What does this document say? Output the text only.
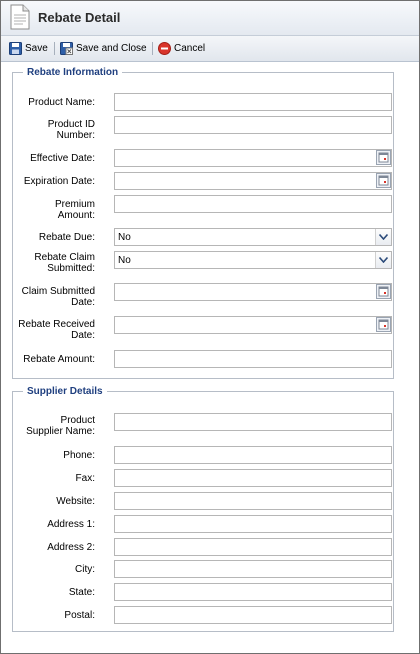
Rebate Detail
Save	Save and Close	Cancel
Rebate Information
Product Name:
Product ID
Number:
Effective Date:
Expiration Date:
Premium
Amount:
Rebate Due: No
Rebate Claim
Submitted:
No
Claim Submitted
Date:
Rebate Received
Date:
Rebate Amount:
Supplier Details
Product
Supplier Name:
Phone:
Fax:
Website:
Address 1:
Address 2:
City:
State:
Postal:
